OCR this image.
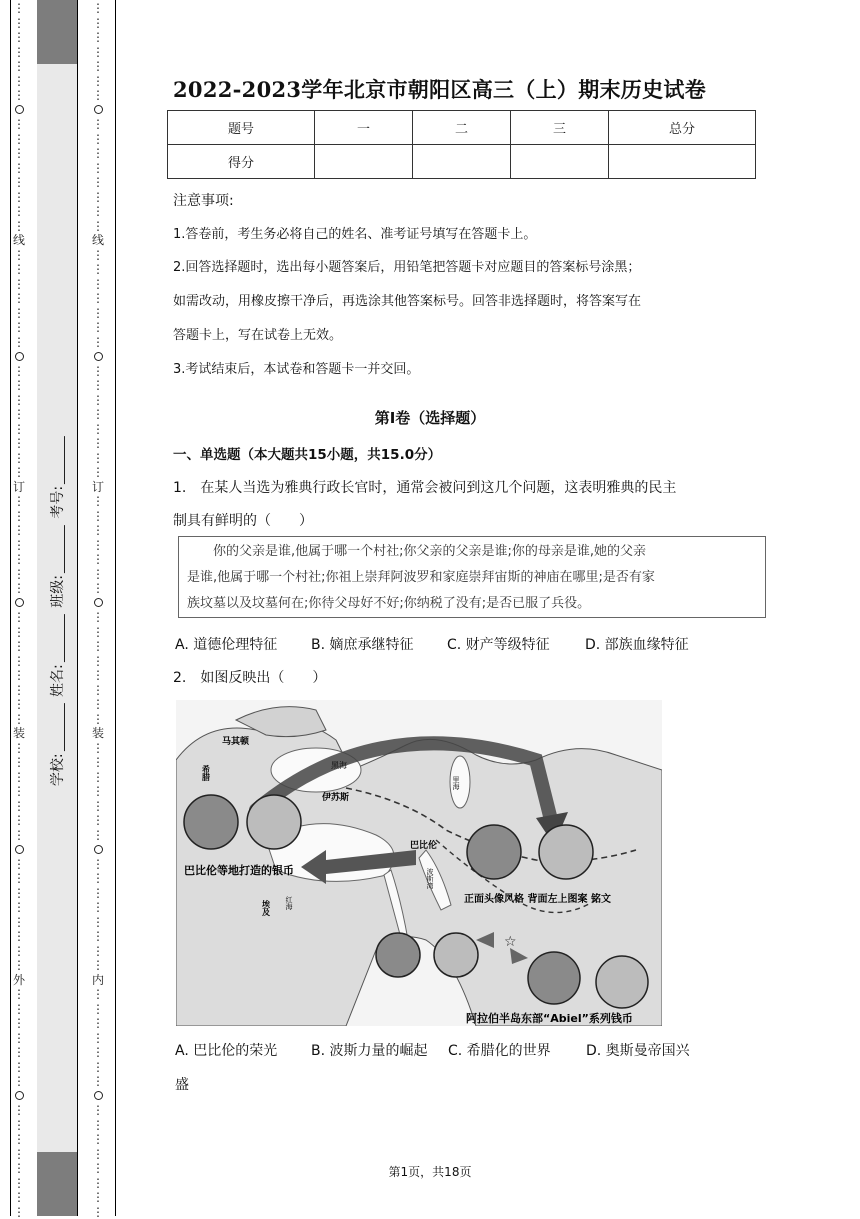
⋮
⋮
⋮
⋮
⋮
⋮
⋮
⋮
⋮
⋮
⋮
⋮
⋮
⋮
⋮
线
⋮
⋮
⋮
⋮
⋮
⋮
⋮
⋮
⋮
⋮
⋮
⋮
⋮
⋮
⋮
订
⋮
⋮
⋮
⋮
⋮
⋮
⋮
⋮
⋮
⋮
⋮
⋮
⋮
⋮
⋮
装
⋮
⋮
⋮
⋮
⋮
⋮
⋮
⋮
⋮
⋮
⋮
⋮
⋮
⋮
⋮
外
⋮
⋮
⋮
⋮
⋮
⋮
⋮
⋮
⋮
⋮
⋮
⋮
⋮
⋮
⋮
⋮
⋮
⋮
⋮
⋮
⋮
⋮
⋮
⋮
⋮
⋮
⋮
⋮
⋮
⋮
线
⋮
⋮
⋮
⋮
⋮
⋮
⋮
⋮
⋮
⋮
⋮
⋮
⋮
⋮
⋮
订
⋮
⋮
⋮
⋮
⋮
⋮
⋮
⋮
⋮
⋮
⋮
⋮
⋮
⋮
⋮
装
⋮
⋮
⋮
⋮
⋮
⋮
⋮
⋮
⋮
⋮
⋮
⋮
⋮
⋮
⋮
内
⋮
⋮
⋮
⋮
⋮
⋮
⋮
⋮
⋮
⋮
⋮
⋮
⋮
⋮
⋮
学校: 姓名: 班级: 考号:
2022-2023学年北京市朝阳区高三（上）期末历史试卷
题号	一	二	三	总分
得分				
注意事项:
1.答卷前，考生务必将自己的姓名、准考证号填写在答题卡上。
2.回答选择题时，选出每小题答案后，用铅笔把答题卡对应题目的答案标号涂黑；
如需改动，用橡皮擦干净后，再选涂其他答案标号。回答非选择题时，将答案写在
答题卡上，写在试卷上无效。
3.考试结束后，本试卷和答题卡一并交回。
第Ⅰ卷（选择题）
一、单选题（本大题共15小题，共15.0分）
1.　在某人当选为雅典行政长官时，通常会被问到这几个问题，这表明雅典的民主
制具有鲜明的（　　）
你的父亲是谁,他属于哪一个村社;你父亲的父亲是谁;你的母亲是谁,她的父亲
是谁,他属于哪一个村社;你祖上崇拜阿波罗和家庭崇拜宙斯的神庙在哪里;是否有家
族坟墓以及坟墓何在;你待父母好不好;你纳税了没有;是否已服了兵役。
A. 道德伦理特征	B. 嫡庶承继特征	C. 财产等级特征	D. 部族血缘特征
2.　如图反映出（　　）
☆
马其顿
希腊	黑海
里海
伊苏斯
巴比伦
埃及 红海
波斯湾
巴比伦等地打造的银币
正面头像风格 背面左上图案 铭文
阿拉伯半岛东部“Abiel”系列钱币
A. 巴比伦的荣光	B. 波斯力量的崛起	C. 希腊化的世界	D. 奥斯曼帝国兴
盛
第1页，共18页
